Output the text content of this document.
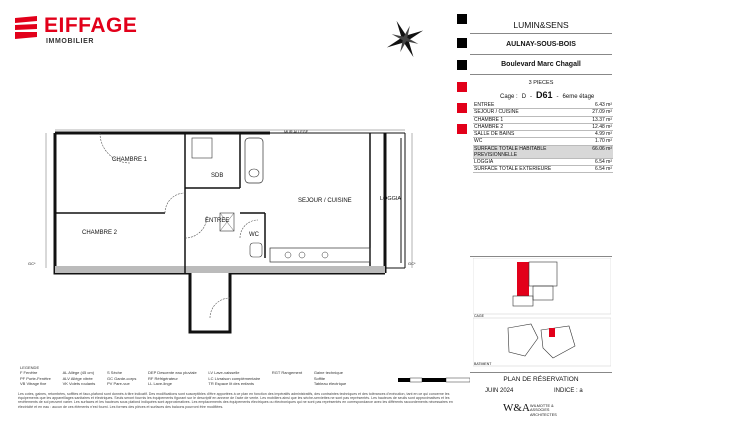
EIFFAGE
IMMOBILIER
CHAMBRE 1
CHAMBRE 2
SDB
ENTREE
WC
SEJOUR / CUISINE	LOGGIA
MUR ALLEGE
GC*	GC*
LUMIN&SENS
AULNAY-SOUS-BOIS
Boulevard Marc Chagall
3 PIECES
Cage : D - D61 - 6eme étage
ENTREE	6.43 m²
SEJOUR / CUISINE	27.09 m²
CHAMBRE 1	13.37 m²
CHAMBRE 2	12.48 m²
SALLE DE BAINS	4.99 m²
WC	1.70 m²
SURFACE TOTALE HABITABLE PREVISIONNELLE
66.06 m²
LOGGIA	6.54 m²
SURFACE TOTALE EXTERIEURE	6.54 m²
CAGE
BATIMENT
LEGENDE
F Fenêtre	AL Allège (45 cm)	S Sèche	DEP Descente eau pluviale	LV Lave-vaisselle	RGT Rangement	Gaine technique
PF Porte-Fenêtre	ALV Allège vitrée	GC Garde-corps	RF Réfrigérateur	LC Livraison complémentaire	Soffite
VB Vitrage fixe	VK Volets roulants	PV Pare-vue	LL Lave-linge	TR Espace lit des enfants	Tableau électrique
Les cotes, gaines, retombées, soffites et faux-plafond sont donnés à titre indicatif. Des modifications sont susceptibles d'être apportées à ce plan en fonction des impératifs administratifs, des contraintes techniques et des tolérances d'exécution, tant en ce qui concerne les équipements que les appareillages sanitaires et électriques. Seuls seront fournis les équipements figurant sur le descriptif en annexe de l'acte de vente. Les mobiliers ainsi que les sèche-serviettes ne sont pas représentés. Les hauteurs de seuils sont approximatives et les revêtements de sol peuvent varier. Les surfaces et les hauteurs sous plafond indiquées sont approximatives. Les emplacements des équipements électriques ou électroniques qui ne sont pas représentés en correspondance avec les différents raccordements nécessaires en électricité et en eau : aucun de ces éléments n'est fourni. Les formes des pièces et surfaces des balcons pourront être modifiées.
PLAN DE RÉSERVATION
JUIN 2024	INDICE : a
W&A WILMOTTE & ASSOCIES ARCHITECTES
